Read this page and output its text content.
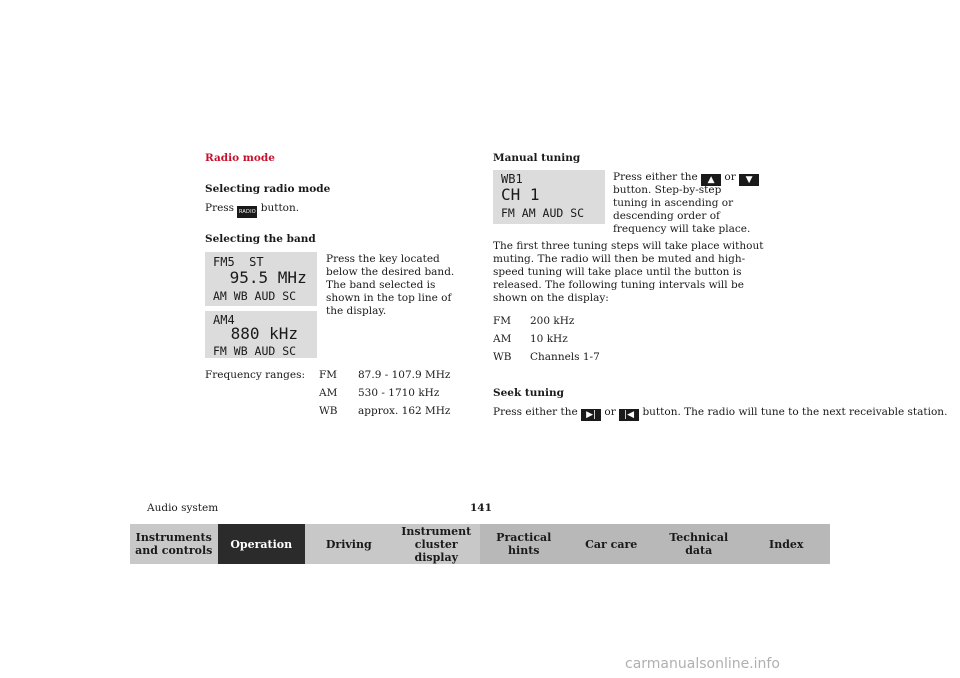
Radio mode
Selecting radio mode
Press RADIO button.
Selecting the band
FM5  ST
95.5 MHz
AM WB AUD SC
AM4
880 kHz
FM WB AUD SC
Press the key located below the desired band. The band selected is shown in the top line of the display.
Frequency ranges: FM 87.9 - 107.9 MHz
AM 530 - 1710 kHz
WB approx. 162 MHz
Manual tuning
WB1
CH 1
FM AM AUD SC
Press either the ▲ or ▼
button. Step-by-step tuning in ascending or descending order of frequency will take place.
The first three tuning steps will take place without muting. The radio will then be muted and high-speed tuning will take place until the button is released. The following tuning intervals will be shown on the display:
FM 200 kHz
AM 10 kHz
WB Channels 1-7
Seek tuning
Press either the ▶| or |◀ button. The radio will tune to the next receivable station.
Audio system	141
Instruments
and controls	Operation	Driving
Instrument
cluster display
Practical hints	Car care	Technical
data	Index
carmanualsonline.info
